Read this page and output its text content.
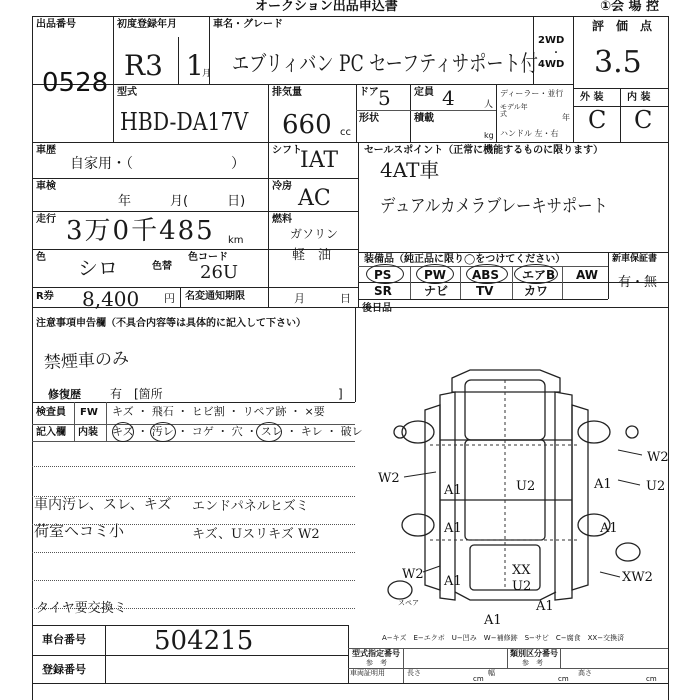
オークション出品申込書	①会 場 控
出品番号
0528
初度登録年月
R3 1
月
車名・グレード
エブリィバン PC セーフティサポート付
2WD
・
4WD
評　価　点
3.5
外 装 内 装
C C
型式
HBD-DA17V
排気量
660 cc
ドア 5 定員 4	人
形状	積載
kg
ディーラー・並行
モデル年式	年
ハンドル 左・右
車歴
自家用・（　　　　　　　）
シフト
IAT
車検
年　　　月(　　　日)
冷房 AC
走行 3万0千485 km
燃料
ガソリン
軽　油
色 シロ	色替
色コード
26U
R券 8,400 円 名変通知期限	月	日
セールスポイント（正常に機能するものに限ります）
4AT車
デュアルカメラブレーキサポート
装備品（純正品に限り◯をつけてください）	新車保証書
有・無
PS	PW ABS エアB AW
SR	ナビ TV	カワ
後日品
注意事項申告欄（不具合内容等は具体的に記入して下さい）
禁煙車のみ
修復歴 有　[箇所	]
検査員
記入欄
FW
内装
キズ ・ 飛石 ・ ヒビ割 ・ リペア跡 ・ ×要
キズ ・ 汚レ ・ コゲ ・ 穴 ・ スレ ・ キレ ・ 破レ
車内汚レ、スレ、キズ エンドパネルヒズミ
荷室ヘコミ小	キズ、Uスリキズ W2
タイヤ要交換ミ
車台番号	504215
登録番号
型式指定番号
参　考
類別区分番号
参　考
車両証明用	長さ
cm
幅
cm
高さ
cm
A−キズ　E−エクボ　U−凹み　W−補修跡　S−サビ　C−腐食　XX−交換済
W2
U2
A1
A1
U2
A1
A1
A1
W2
XX
U2
XW2
A1
A1
W2
スペア
